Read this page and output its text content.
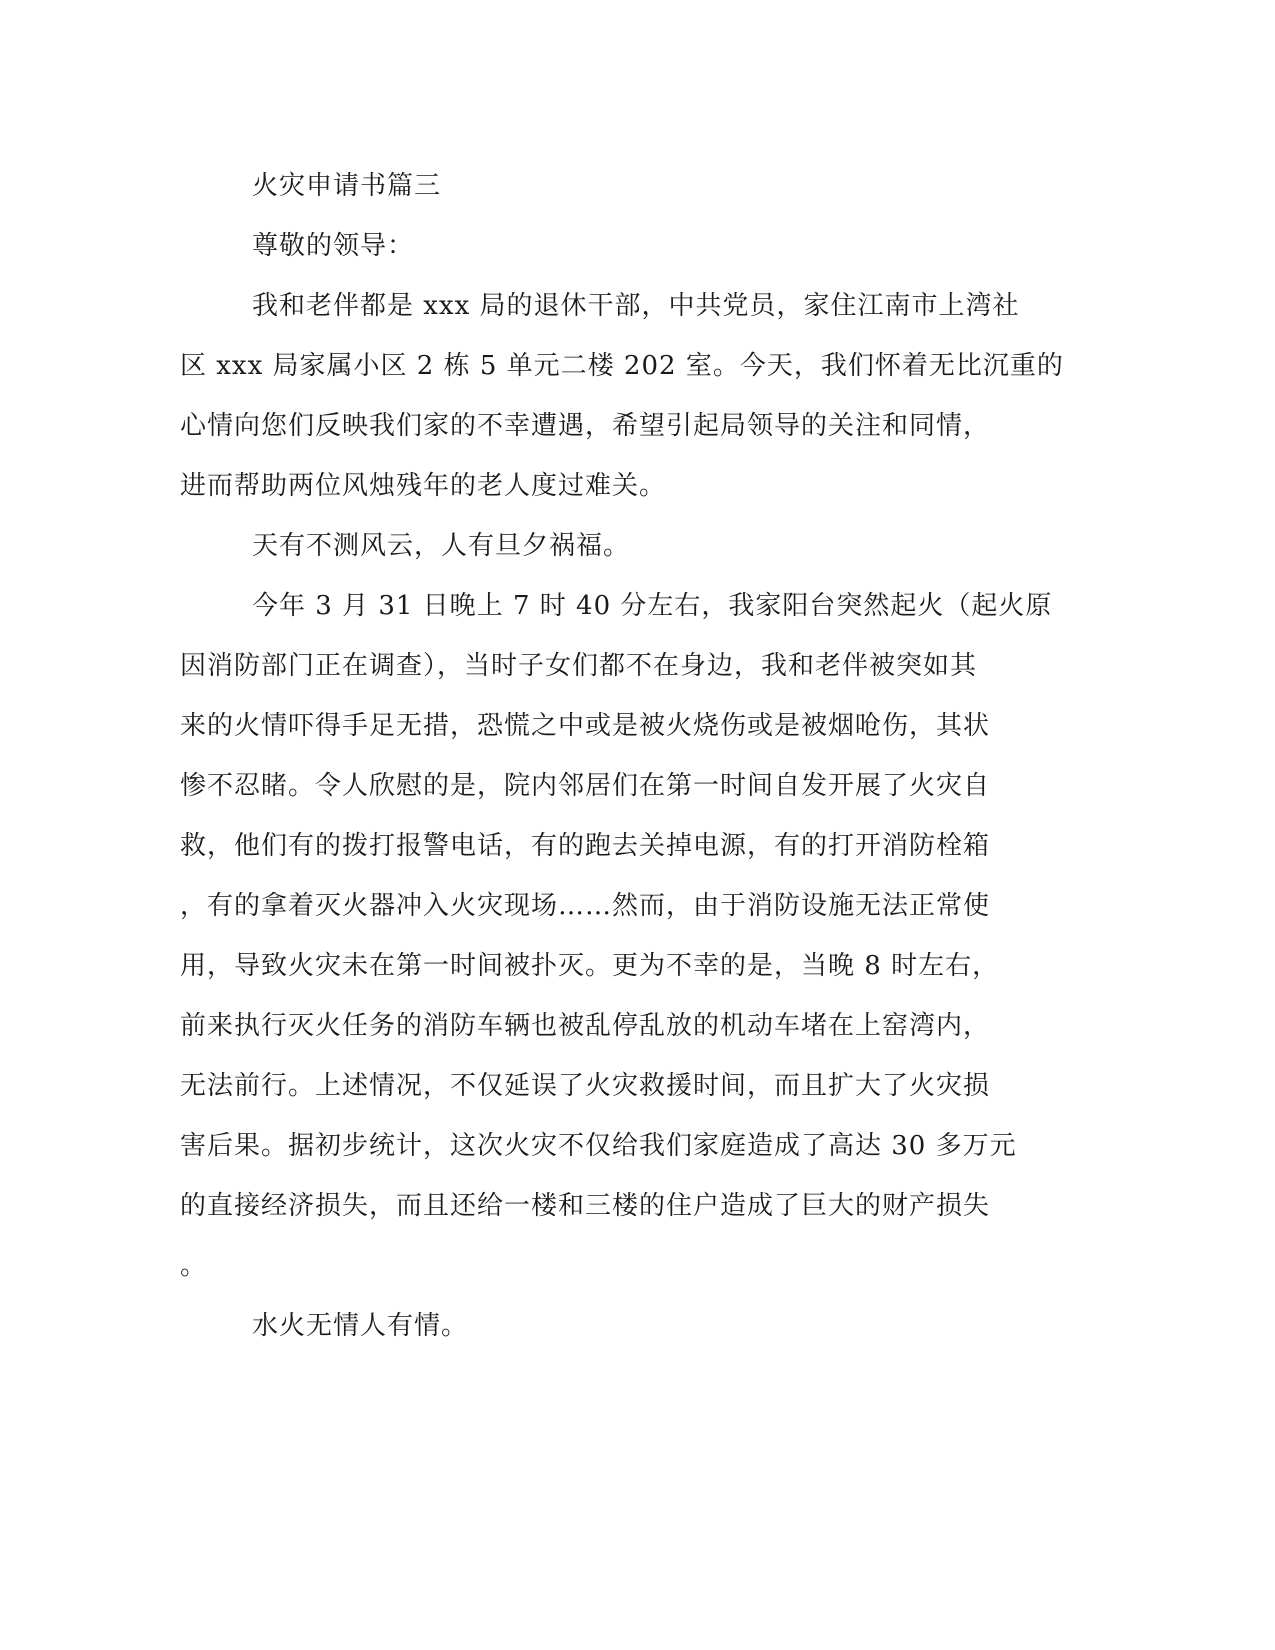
火灾申请书篇三
尊敬的领导：
我和老伴都是 xxx 局的退休干部，中共党员，家住江南市上湾社
区 xxx 局家属小区 2 栋 5 单元二楼 202 室。今天，我们怀着无比沉重的
心情向您们反映我们家的不幸遭遇，希望引起局领导的关注和同情，
进而帮助两位风烛残年的老人度过难关。
天有不测风云，人有旦夕祸福。
今年 3 月 31 日晚上 7 时 40 分左右，我家阳台突然起火（起火原
因消防部门正在调查），当时子女们都不在身边，我和老伴被突如其
来的火情吓得手足无措，恐慌之中或是被火烧伤或是被烟呛伤，其状
惨不忍睹。令人欣慰的是，院内邻居们在第一时间自发开展了火灾自
救，他们有的拨打报警电话，有的跑去关掉电源，有的打开消防栓箱
，有的拿着灭火器冲入火灾现场……然而，由于消防设施无法正常使
用，导致火灾未在第一时间被扑灭。更为不幸的是，当晚 8 时左右，
前来执行灭火任务的消防车辆也被乱停乱放的机动车堵在上窑湾内，
无法前行。上述情况，不仅延误了火灾救援时间，而且扩大了火灾损
害后果。据初步统计，这次火灾不仅给我们家庭造成了高达 30 多万元
的直接经济损失，而且还给一楼和三楼的住户造成了巨大的财产损失
。
水火无情人有情。
